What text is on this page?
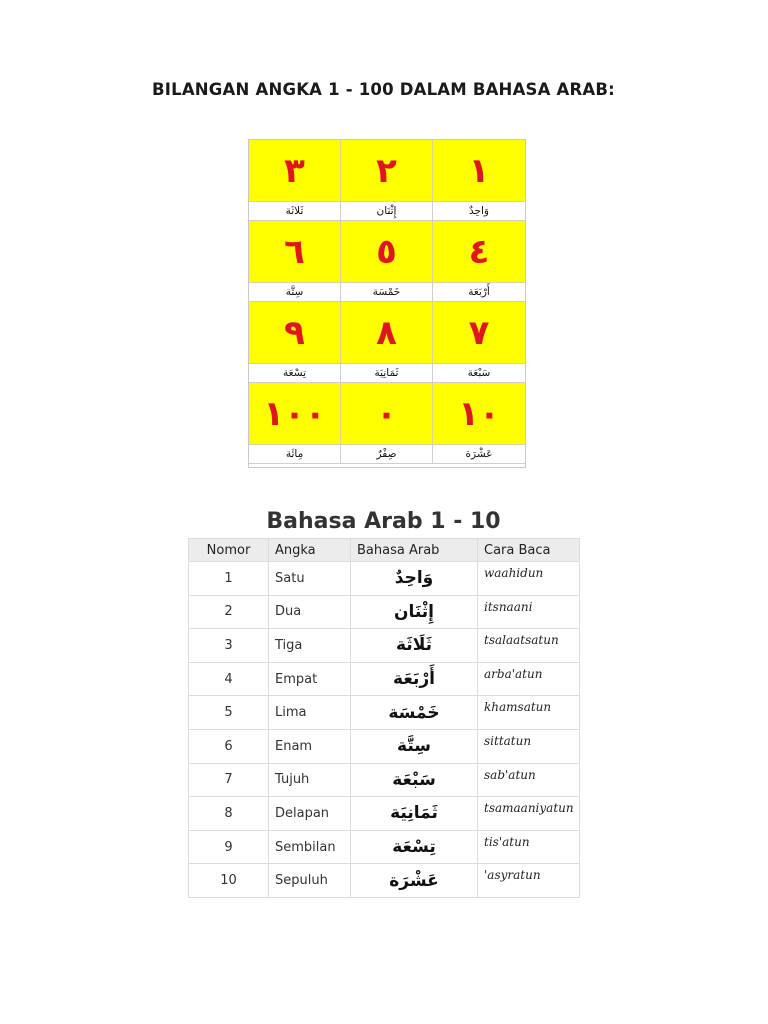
BILANGAN ANGKA 1 - 100 DALAM BAHASA ARAB:
٣	٢	١
ثَلاثَة	إِثْنَان	وَاحِدٌ
٦	٥	٤
سِتَّة	خَمْسَة	أَرْبَعَة
٩	٨	٧
تِسْعَة	ثَمَانِيَة	سَبْعَة
١٠٠	٠	١٠
مِائَة	صِفْرٌ	عَشْرَة
Bahasa Arab 1 - 10
Nomor	Angka	Bahasa Arab	Cara Baca
1	Satu	وَاحِدٌ	waahidun
2	Dua	إِثْنَان	itsnaani
3	Tiga	ثَلَاثَة	tsalaatsatun
4	Empat	أَرْبَعَة	arba'atun
5	Lima	خَمْسَة	khamsatun
6	Enam	سِتَّة	sittatun
7	Tujuh	سَبْعَة	sab'atun
8	Delapan	ثَمَانِيَة	tsamaaniyatun
9	Sembilan	تِسْعَة	tis'atun
10	Sepuluh	عَشْرَة	'asyratun
